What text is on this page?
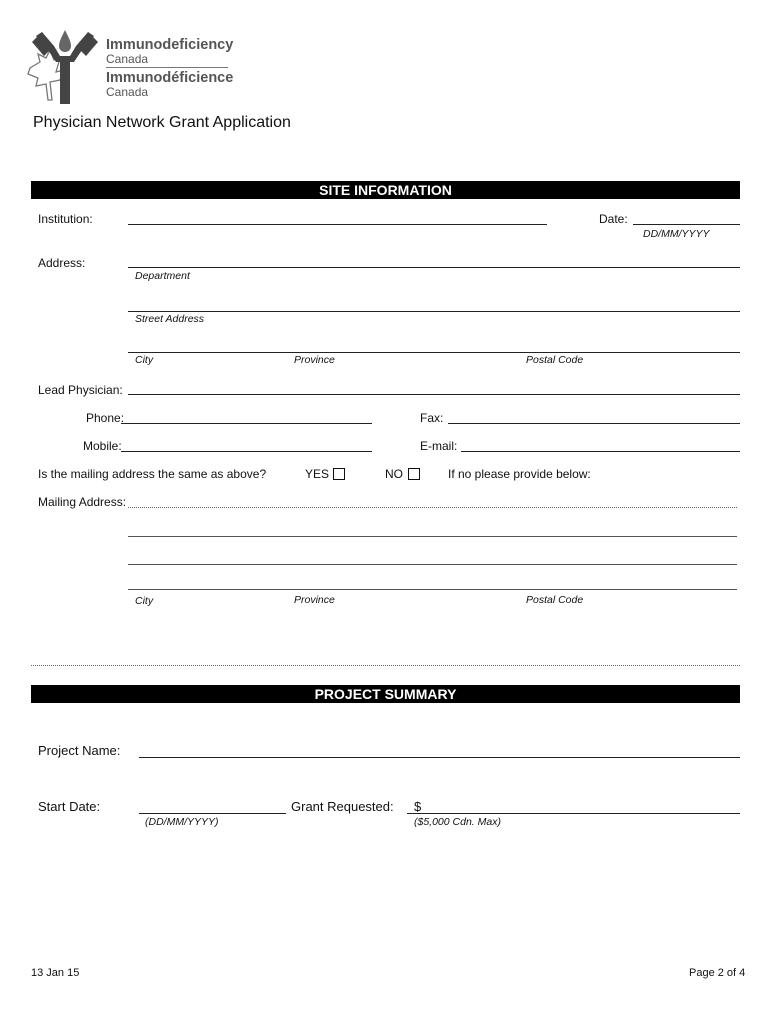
Immunodeficiency
Canada
Immunodéficience
Canada
Physician Network Grant Application
SITE INFORMATION
Institution:	Date:
DD/MM/YYYY
Address:
Department
Street Address
City	Province	Postal Code
Lead Physician:
Phone:	Fax:
Mobile:	E-mail:
Is the mailing address the same as above?	YES	NO	If no please provide below:
Mailing Address:
City	Province	Postal Code
PROJECT SUMMARY
Project Name:
Start Date:
(DD/MM/YYYY)
Grant Requested: $
($5,000 Cdn. Max)
13 Jan 15	Page 2 of 4
